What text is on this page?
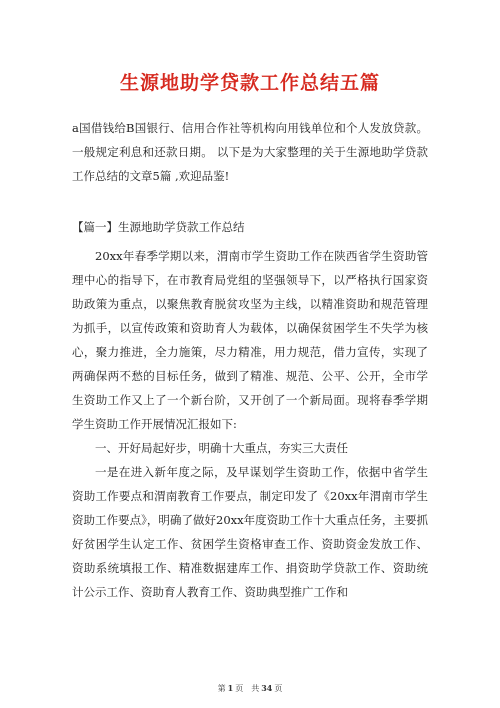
生源地助学贷款工作总结五篇
a国借钱给B国银行、信用合作社等机构向用钱单位和个人发放贷款。一般规定利息和还款日期。 以下是为大家整理的关于生源地助学贷款工作总结的文章5篇 ,欢迎品鉴!
【篇一】生源地助学贷款工作总结

20xx年春季学期以来，渭南市学生资助工作在陕西省学生资助管理中心的指导下，在市教育局党组的坚强领导下，以严格执行国家资助政策为重点，以聚焦教育脱贫攻坚为主线，以精准资助和规范管理为抓手，以宣传政策和资助育人为载体，以确保贫困学生不失学为核心，聚力推进，全力施策，尽力精准，用力规范，借力宣传，实现了两确保两不愁的目标任务，做到了精准、规范、公平、公开，全市学生资助工作又上了一个新台阶，又开创了一个新局面。现将春季学期学生资助工作开展情况汇报如下:

一、开好局起好步，明确十大重点，夯实三大责任

一是在进入新年度之际，及早谋划学生资助工作，依据中省学生资助工作要点和渭南教育工作要点，制定印发了《20xx年渭南市学生资助工作要点》，明确了做好20xx年度资助工作十大重点任务，主要抓好贫困学生认定工作、贫困学生资格审查工作、资助资金发放工作、资助系统填报工作、精准数据建库工作、捐资助学贷款工作、资助统计公示工作、资助育人教育工作、资助典型推广工作和

第 1 页　共 34 页
